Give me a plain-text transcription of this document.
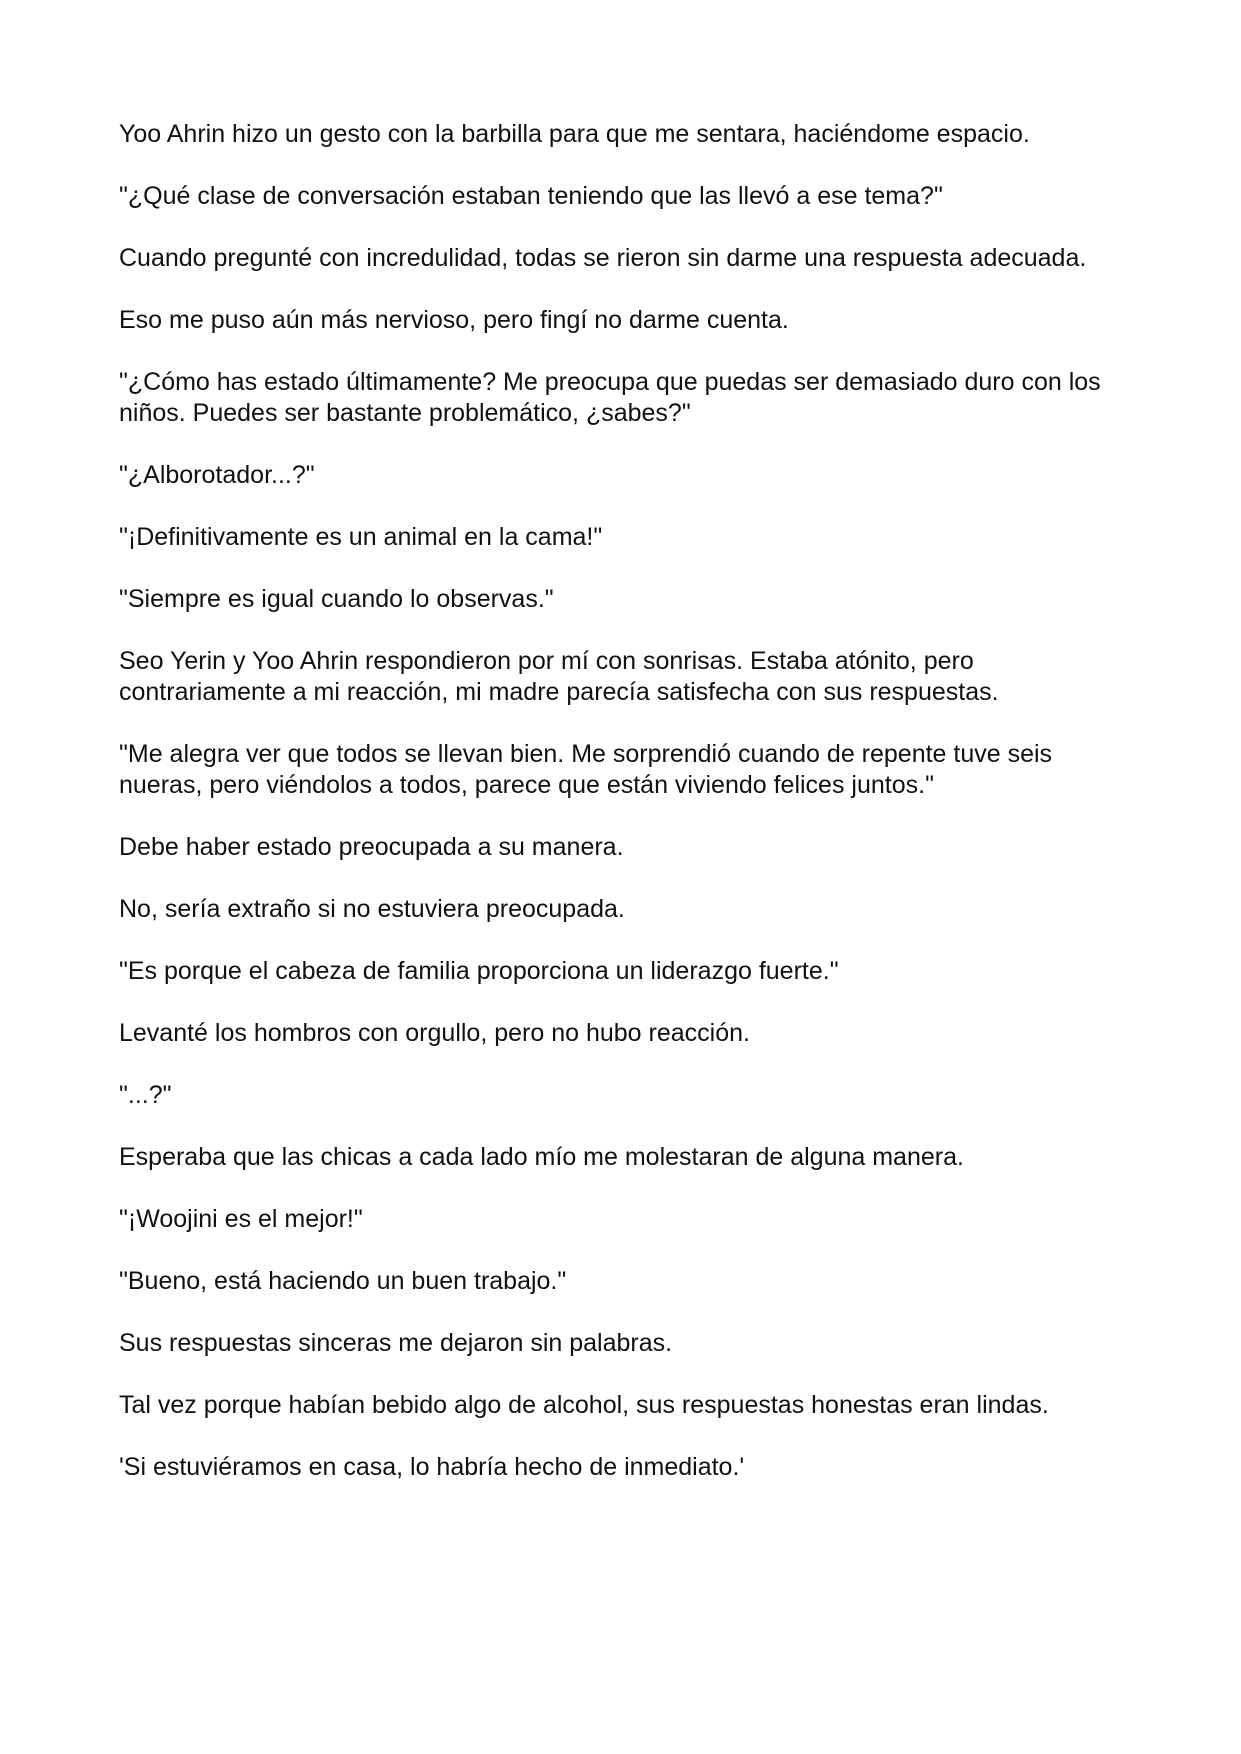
Yoo Ahrin hizo un gesto con la barbilla para que me sentara, haciéndome espacio.

"¿Qué clase de conversación estaban teniendo que las llevó a ese tema?"

Cuando pregunté con incredulidad, todas se rieron sin darme una respuesta adecuada.

Eso me puso aún más nervioso, pero fingí no darme cuenta.

"¿Cómo has estado últimamente? Me preocupa que puedas ser demasiado duro con los niños. Puedes ser bastante problemático, ¿sabes?"

"¿Alborotador...?"

"¡Definitivamente es un animal en la cama!"

"Siempre es igual cuando lo observas."

Seo Yerin y Yoo Ahrin respondieron por mí con sonrisas. Estaba atónito, pero contrariamente a mi reacción, mi madre parecía satisfecha con sus respuestas.

"Me alegra ver que todos se llevan bien. Me sorprendió cuando de repente tuve seis nueras, pero viéndolos a todos, parece que están viviendo felices juntos."

Debe haber estado preocupada a su manera.

No, sería extraño si no estuviera preocupada.

"Es porque el cabeza de familia proporciona un liderazgo fuerte."

Levanté los hombros con orgullo, pero no hubo reacción.

"...?"

Esperaba que las chicas a cada lado mío me molestaran de alguna manera.

"¡Woojini es el mejor!"

"Bueno, está haciendo un buen trabajo."

Sus respuestas sinceras me dejaron sin palabras.

Tal vez porque habían bebido algo de alcohol, sus respuestas honestas eran lindas.

'Si estuviéramos en casa, lo habría hecho de inmediato.'
